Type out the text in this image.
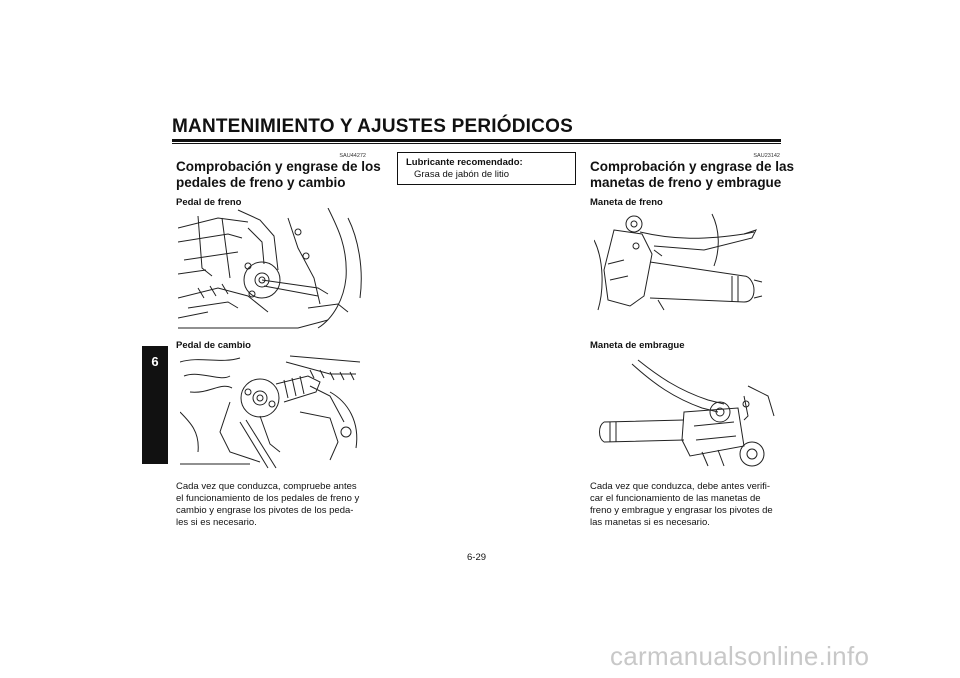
MANTENIMIENTO Y AJUSTES PERIÓDICOS
6
SAU44272
Comprobación y engrase de los
pedales de freno y cambio
Pedal de freno
Pedal de cambio
Cada vez que conduzca, compruebe antes
el funcionamiento de los pedales de freno y
cambio y engrase los pivotes de los peda-
les si es necesario.
Lubricante recomendado:
Grasa de jabón de litio
SAU23142
Comprobación y engrase de las
manetas de freno y embrague
Maneta de freno
Maneta de embrague
Cada vez que conduzca, debe antes verifi-
car el funcionamiento de las manetas de
freno y embrague y engrasar los pivotes de
las manetas si es necesario.
6-29
carmanualsonline.info
